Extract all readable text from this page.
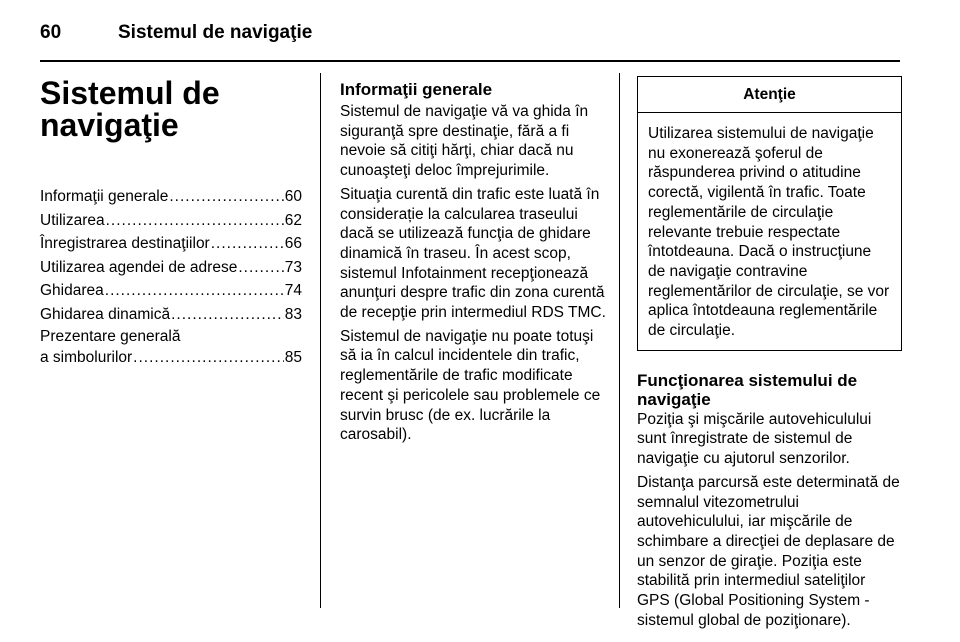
60	Sistemul de navigaţie
Sistemul de
navigaţie
Informaţii generale .....	60
Utilizarea .....	62
Înregistrarea destinaţiilor .....	66
Utilizarea agendei de adrese .....	73
Ghidarea .....	74
Ghidarea dinamică .....	83
Prezentare generală
a simbolurilor .....	85
Informaţii generale

Sistemul de navigaţie vă va ghida în siguranţă spre destinaţie, fără a fi nevoie să citiţi hărţi, chiar dacă nu cunoaşteţi deloc împrejurimile.

Situaţia curentă din trafic este luată în considerație la calcularea traseului dacă se utilizează funcţia de ghidare dinamică în traseu. În acest scop, sistemul Infotainment recepţionează anunţuri despre trafic din zona curentă de recepţie prin intermediul RDS TMC.

Sistemul de navigaţie nu poate totuşi să ia în calcul incidentele din trafic, reglementările de trafic modificate recent şi pericolele sau problemele ce survin brusc (de ex. lucrările la carosabil).

Atenţie
Utilizarea sistemului de navigaţie nu exonerează şoferul de răspunderea privind o atitudine corectă, vigilentă în trafic. Toate reglementările de circulaţie relevante trebuie respectate întotdeauna. Dacă o instrucţiune de navigaţie contravine reglementărilor de circulaţie, se vor aplica întotdeauna reglementările de circulaţie.
Funcţionarea sistemului de navigaţie

Poziţia şi mişcările autovehiculului sunt înregistrate de sistemul de navigaţie cu ajutorul senzorilor.

Distanţa parcursă este determinată de semnalul vitezometrului autovehiculului, iar mişcările de schimbare a direcţiei de deplasare de un senzor de giraţie. Poziţia este stabilită prin intermediul sateliţilor GPS (Global Positioning System - sistemul global de poziţionare).
